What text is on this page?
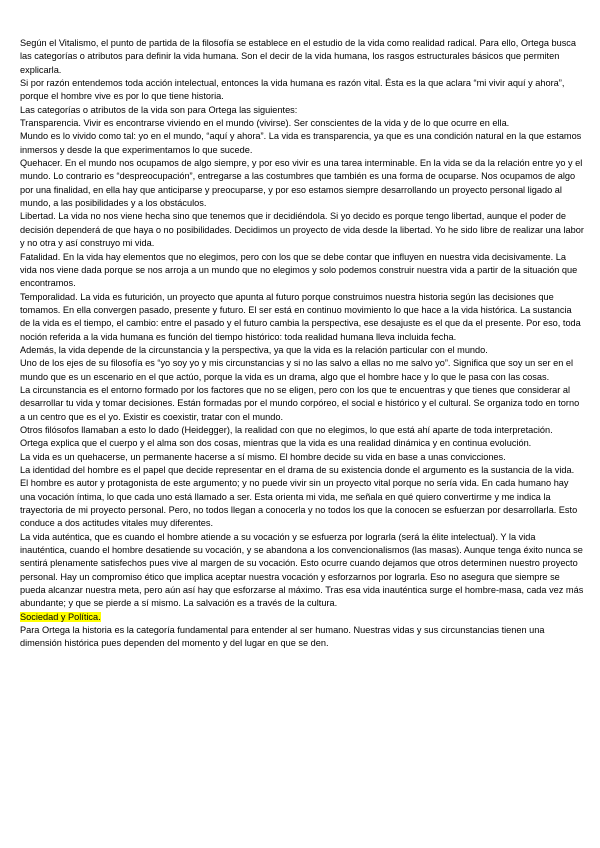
Según el Vitalismo, el punto de partida de la filosofía se establece en el estudio de la vida como realidad radical. Para ello, Ortega busca las categorías o atributos para definir la vida humana. Son el decir de la vida humana, los rasgos estructurales básicos que permiten explicarla.

Si por razón entendemos toda acción intelectual, entonces la vida humana es razón vital. Ésta es la que aclara “mi vivir aquí y ahora”, porque el hombre vive es por lo que tiene historia.

Las categorías o atributos de la vida son para Ortega las siguientes:

Transparencia. Vivir es encontrarse viviendo en el mundo (vivirse). Ser conscientes de la vida y de lo que ocurre en ella.

Mundo es lo vivido como tal: yo en el mundo, “aquí y ahora”. La vida es transparencia, ya que es una condición natural en la que estamos inmersos y desde la que experimentamos lo que sucede.

Quehacer. En el mundo nos ocupamos de algo siempre, y por eso vivir es una tarea interminable. En la vida se da la relación entre yo y el mundo. Lo contrario es “despreocupación”, entregarse a las costumbres que también es una forma de ocuparse. Nos ocupamos de algo por una finalidad, en ella hay que anticiparse y preocuparse, y por eso estamos siempre desarrollando un proyecto personal ligado al mundo, a las posibilidades y a los obstáculos.

Libertad. La vida no nos viene hecha sino que tenemos que ir decidiéndola. Si yo decido es porque tengo libertad, aunque el poder de decisión dependerá de que haya o no posibilidades. Decidimos un proyecto de vida desde la libertad. Yo he sido libre de realizar una labor y no otra y así construyo mi vida.

Fatalidad. En la vida hay elementos que no elegimos, pero con los que se debe contar que influyen en nuestra vida decisivamente. La vida nos viene dada porque se nos arroja a un mundo que no elegimos y solo podemos construir nuestra vida a partir de la situación que encontramos.

Temporalidad. La vida es futurición, un proyecto que apunta al futuro porque construimos nuestra historia según las decisiones que tomamos. En ella convergen pasado, presente y futuro. El ser está en continuo movimiento lo que hace a la vida histórica. La sustancia de la vida es el tiempo, el cambio: entre el pasado y el futuro cambia la perspectiva, ese desajuste es el que da el presente. Por eso, toda noción referida a la vida humana es función del tiempo histórico: toda realidad humana lleva incluida fecha.

Además, la vida depende de la circunstancia y la perspectiva, ya que la vida es la relación particular con el mundo.

Uno de los ejes de su filosofía es “yo soy yo y mis circunstancias y si no las salvo a ellas no me salvo yo”. Significa que soy un ser en el mundo que es un escenario en el que actúo, porque la vida es un drama, algo que el hombre hace y lo que le pasa con las cosas.

La circunstancia es el entorno formado por los factores que no se eligen, pero con los que te encuentras y que tienes que considerar al desarrollar tu vida y tomar decisiones. Están formadas por el mundo corpóreo, el social e histórico y el cultural. Se organiza todo en torno a un centro que es el yo. Existir es coexistir, tratar con el mundo.

Otros filósofos llamaban a esto lo dado (Heidegger), la realidad con que no elegimos, lo que está ahí aparte de toda interpretación.

Ortega explica que el cuerpo y el alma son dos cosas, mientras que la vida es una realidad dinámica y en continua evolución.

La vida es un quehacerse, un permanente hacerse a sí mismo. El hombre decide su vida en base a unas convicciones.

La identidad del hombre es el papel que decide representar en el drama de su existencia donde el argumento es la sustancia de la vida. El hombre es autor y protagonista de este argumento; y no puede vivir sin un proyecto vital porque no sería vida. En cada humano hay una vocación íntima, lo que cada uno está llamado a ser. Esta orienta mi vida, me señala en qué quiero convertirme y me indica la trayectoria de mi proyecto personal. Pero, no todos llegan a conocerla y no todos los que la conocen se esfuerzan por desarrollarla. Esto conduce a dos actitudes vitales muy diferentes.

La vida auténtica, que es cuando el hombre atiende a su vocación y se esfuerza por lograrla (será la élite intelectual). Y la vida inauténtica, cuando el hombre desatiende su vocación, y se abandona a los convencionalismos (las masas). Aunque tenga éxito nunca se sentirá plenamente satisfechos pues vive al margen de su vocación. Esto ocurre cuando dejamos que otros determinen nuestro proyecto personal. Hay un compromiso ético que implica aceptar nuestra vocación y esforzarnos por lograrla. Eso no asegura que siempre se pueda alcanzar nuestra meta, pero aún así hay que esforzarse al máximo. Tras esa vida inauténtica surge el hombre-masa, cada vez más abundante; y que se pierde a sí mismo. La salvación es a través de la cultura.

Sociedad y Política.

Para Ortega la historia es la categoría fundamental para entender al ser humano. Nuestras vidas y sus circunstancias tienen una dimensión histórica pues dependen del momento y del lugar en que se den.
